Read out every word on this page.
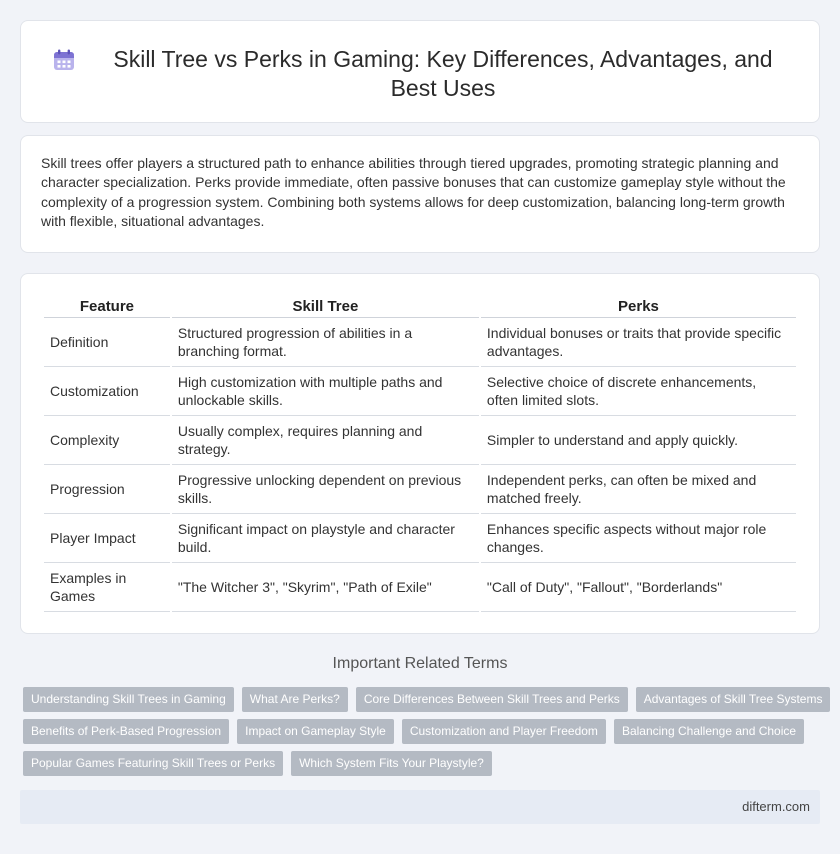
Skill Tree vs Perks in Gaming: Key Differences, Advantages, and Best Uses

Skill trees offer players a structured path to enhance abilities through tiered upgrades, promoting strategic planning and character specialization. Perks provide immediate, often passive bonuses that can customize gameplay style without the complexity of a progression system. Combining both systems allows for deep customization, balancing long-term growth with flexible, situational advantages.

Feature	Skill Tree	Perks
Definition	Structured progression of abilities in a branching format.	Individual bonuses or traits that provide specific advantages.
Customization	High customization with multiple paths and unlockable skills.	Selective choice of discrete enhancements, often limited slots.
Complexity	Usually complex, requires planning and strategy.	Simpler to understand and apply quickly.
Progression	Progressive unlocking dependent on previous skills.	Independent perks, can often be mixed and matched freely.
Player Impact	Significant impact on playstyle and character build.	Enhances specific aspects without major role changes.
Examples in Games	"The Witcher 3", "Skyrim", "Path of Exile"	"Call of Duty", "Fallout", "Borderlands"
Important Related Terms
Understanding Skill Trees in Gaming	What Are Perks?	Core Differences Between Skill Trees and Perks	Advantages of Skill Tree Systems
Benefits of Perk-Based Progression	Impact on Gameplay Style	Customization and Player Freedom	Balancing Challenge and Choice
Popular Games Featuring Skill Trees or Perks	Which System Fits Your Playstyle?
difterm.com
